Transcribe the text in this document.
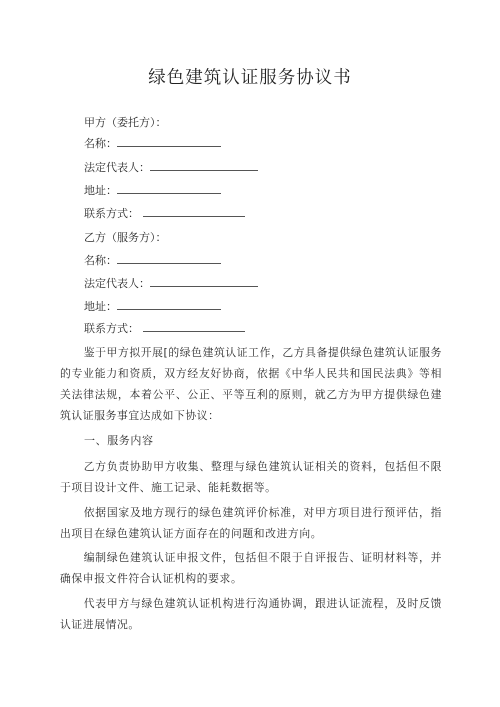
绿色建筑认证服务协议书
甲方（委托方）：
名称：
法定代表人：
地址：
联系方式：
乙方（服务方）：
名称：
法定代表人：
地址：
联系方式：

鉴于甲方拟开展[的绿色建筑认证工作，乙方具备提供绿色建筑认证服务的专业能力和资质，双方经友好协商，依据《中华人民共和国民法典》等相关法律法规，本着公平、公正、平等互利的原则，就乙方为甲方提供绿色建筑认证服务事宜达成如下协议：

一、服务内容

乙方负责协助甲方收集、整理与绿色建筑认证相关的资料，包括但不限于项目设计文件、施工记录、能耗数据等。

依据国家及地方现行的绿色建筑评价标准，对甲方项目进行预评估，指出项目在绿色建筑认证方面存在的问题和改进方向。

编制绿色建筑认证申报文件，包括但不限于自评报告、证明材料等，并确保申报文件符合认证机构的要求。

代表甲方与绿色建筑认证机构进行沟通协调，跟进认证流程，及时反馈认证进展情况。
